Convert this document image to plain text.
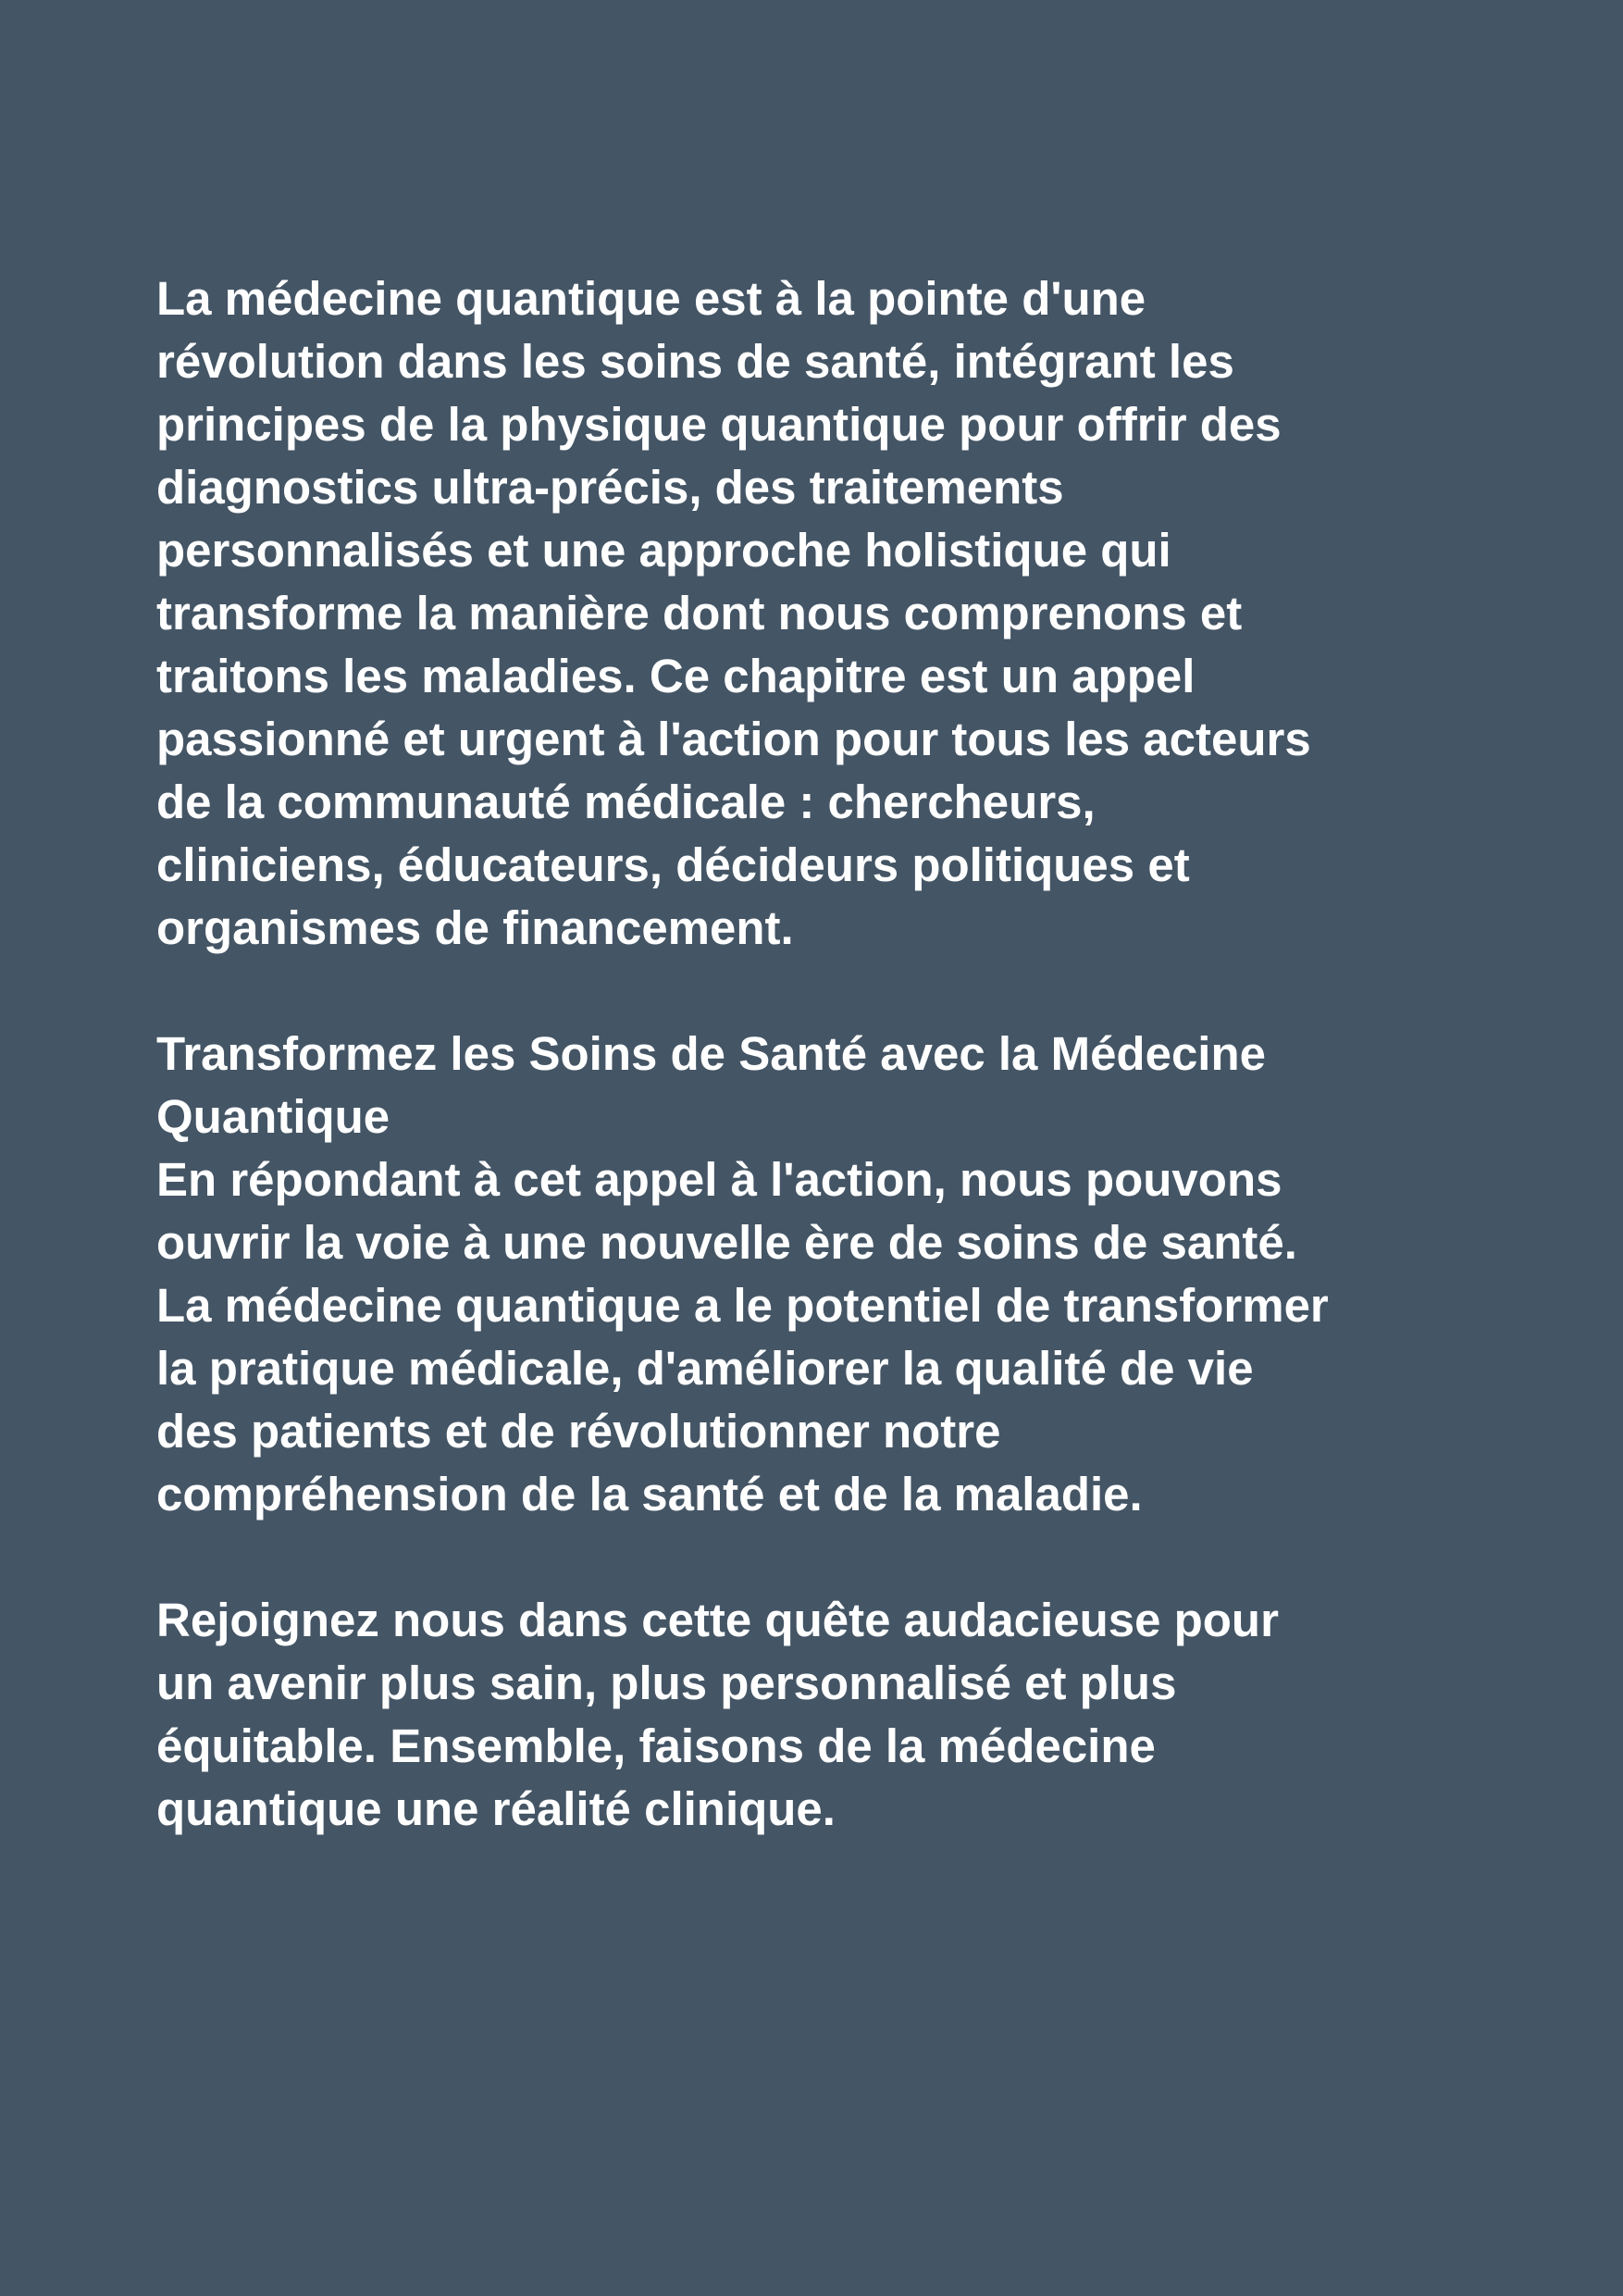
La médecine quantique est à la pointe d'une
révolution dans les soins de santé, intégrant les
principes de la physique quantique pour offrir des
diagnostics ultra-précis, des traitements
personnalisés et une approche holistique qui
transforme la manière dont nous comprenons et
traitons les maladies. Ce chapitre est un appel
passionné et urgent à l'action pour tous les acteurs
de la communauté médicale : chercheurs,
cliniciens, éducateurs, décideurs politiques et
organismes de financement.
Transformez les Soins de Santé avec la Médecine
Quantique
En répondant à cet appel à l'action, nous pouvons
ouvrir la voie à une nouvelle ère de soins de santé.
La médecine quantique a le potentiel de transformer
la pratique médicale, d'améliorer la qualité de vie
des patients et de révolutionner notre
compréhension de la santé et de la maladie.
Rejoignez nous dans cette quête audacieuse pour
un avenir plus sain, plus personnalisé et plus
équitable. Ensemble, faisons de la médecine
quantique une réalité clinique.
